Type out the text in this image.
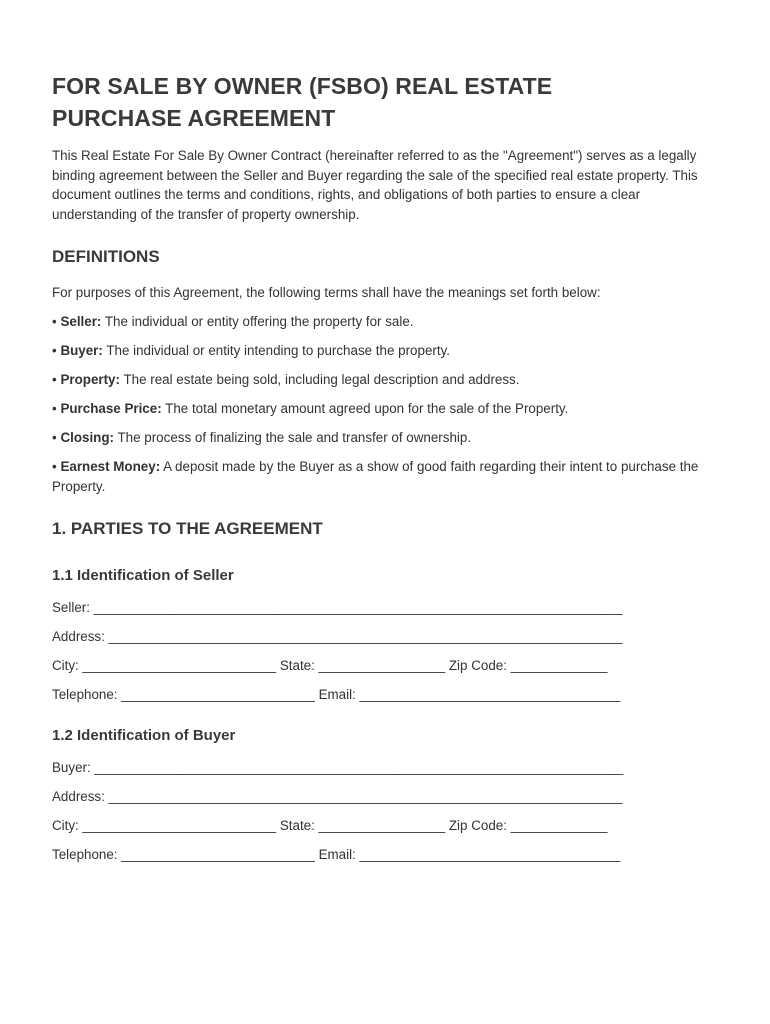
FOR SALE BY OWNER (FSBO) REAL ESTATE
PURCHASE AGREEMENT

This Real Estate For Sale By Owner Contract (hereinafter referred to as the "Agreement") serves as a legally binding agreement between the Seller and Buyer regarding the sale of the specified real estate property. This document outlines the terms and conditions, rights, and obligations of both parties to ensure a clear understanding of the transfer of property ownership.

DEFINITIONS

For purposes of this Agreement, the following terms shall have the meanings set forth below:

• Seller: The individual or entity offering the property for sale.

• Buyer: The individual or entity intending to purchase the property.

• Property: The real estate being sold, including legal description and address.

• Purchase Price: The total monetary amount agreed upon for the sale of the Property.

• Closing: The process of finalizing the sale and transfer of ownership.

• Earnest Money: A deposit made by the Buyer as a show of good faith regarding their intent to purchase the Property.

1. PARTIES TO THE AGREEMENT
1.1 Identification of Seller

Seller: _______________________________________________________________________

Address: _____________________________________________________________________

City: __________________________ State: _________________ Zip Code: _____________

Telephone: __________________________ Email: ___________________________________

1.2 Identification of Buyer

Buyer: _______________________________________________________________________

Address: _____________________________________________________________________

City: __________________________ State: _________________ Zip Code: _____________

Telephone: __________________________ Email: ___________________________________
